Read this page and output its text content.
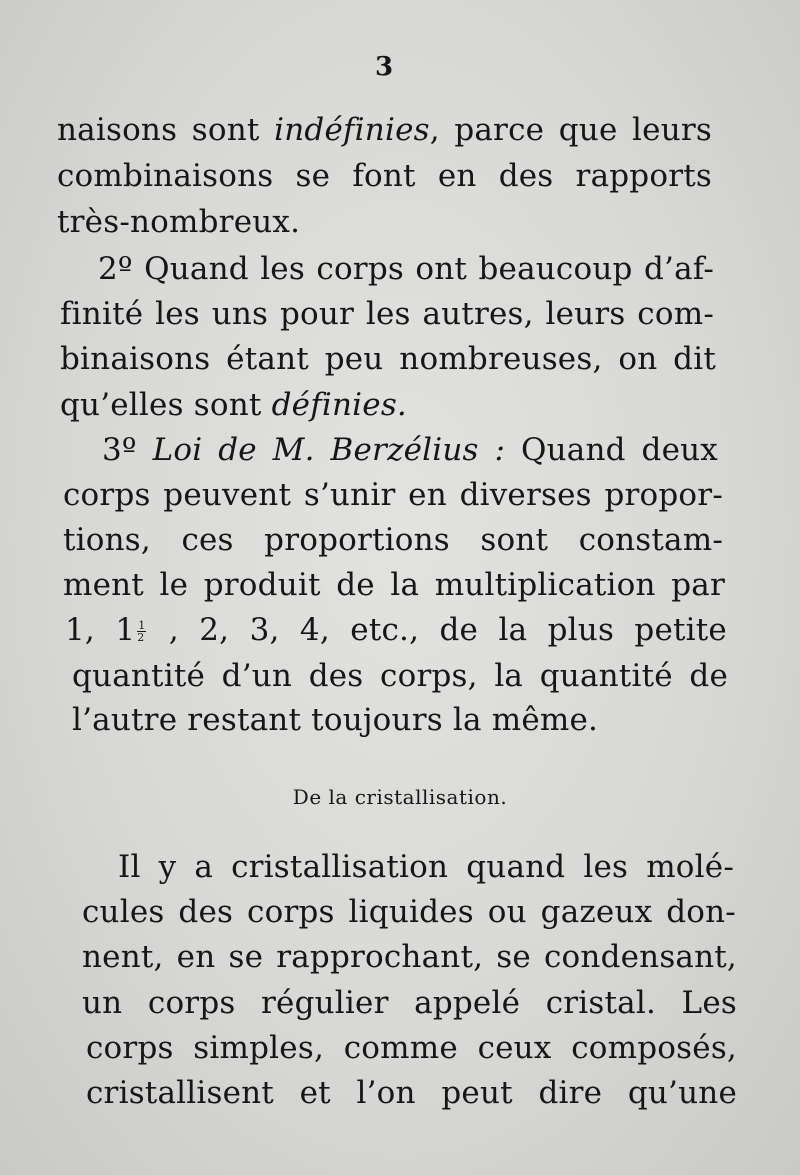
3
naisons sont indéfinies, parce que leurs
combinaisons se font en des rapports
très-nombreux.
2º Quand les corps ont beaucoup d’af-
finité les uns pour les autres, leurs com-
binaisons étant peu nombreuses, on dit
qu’elles sont définies.
3º Loi de M. Berzélius : Quand deux
corps peuvent s’unir en diverses propor-
tions, ces proportions sont constam-
ment le produit de la multiplication par
1, $1 \frac{1}{2}$ , 2, 3, 4, etc., de la plus petite
quantité d’un des corps, la quantité de
l’autre restant toujours la même.
De la cristallisation.
Il y a cristallisation quand les molé-
cules des corps liquides ou gazeux don-
nent, en se rapprochant, se condensant,
un corps régulier appelé cristal. Les
corps simples, comme ceux composés,
cristallisent et l’on peut dire qu’une
